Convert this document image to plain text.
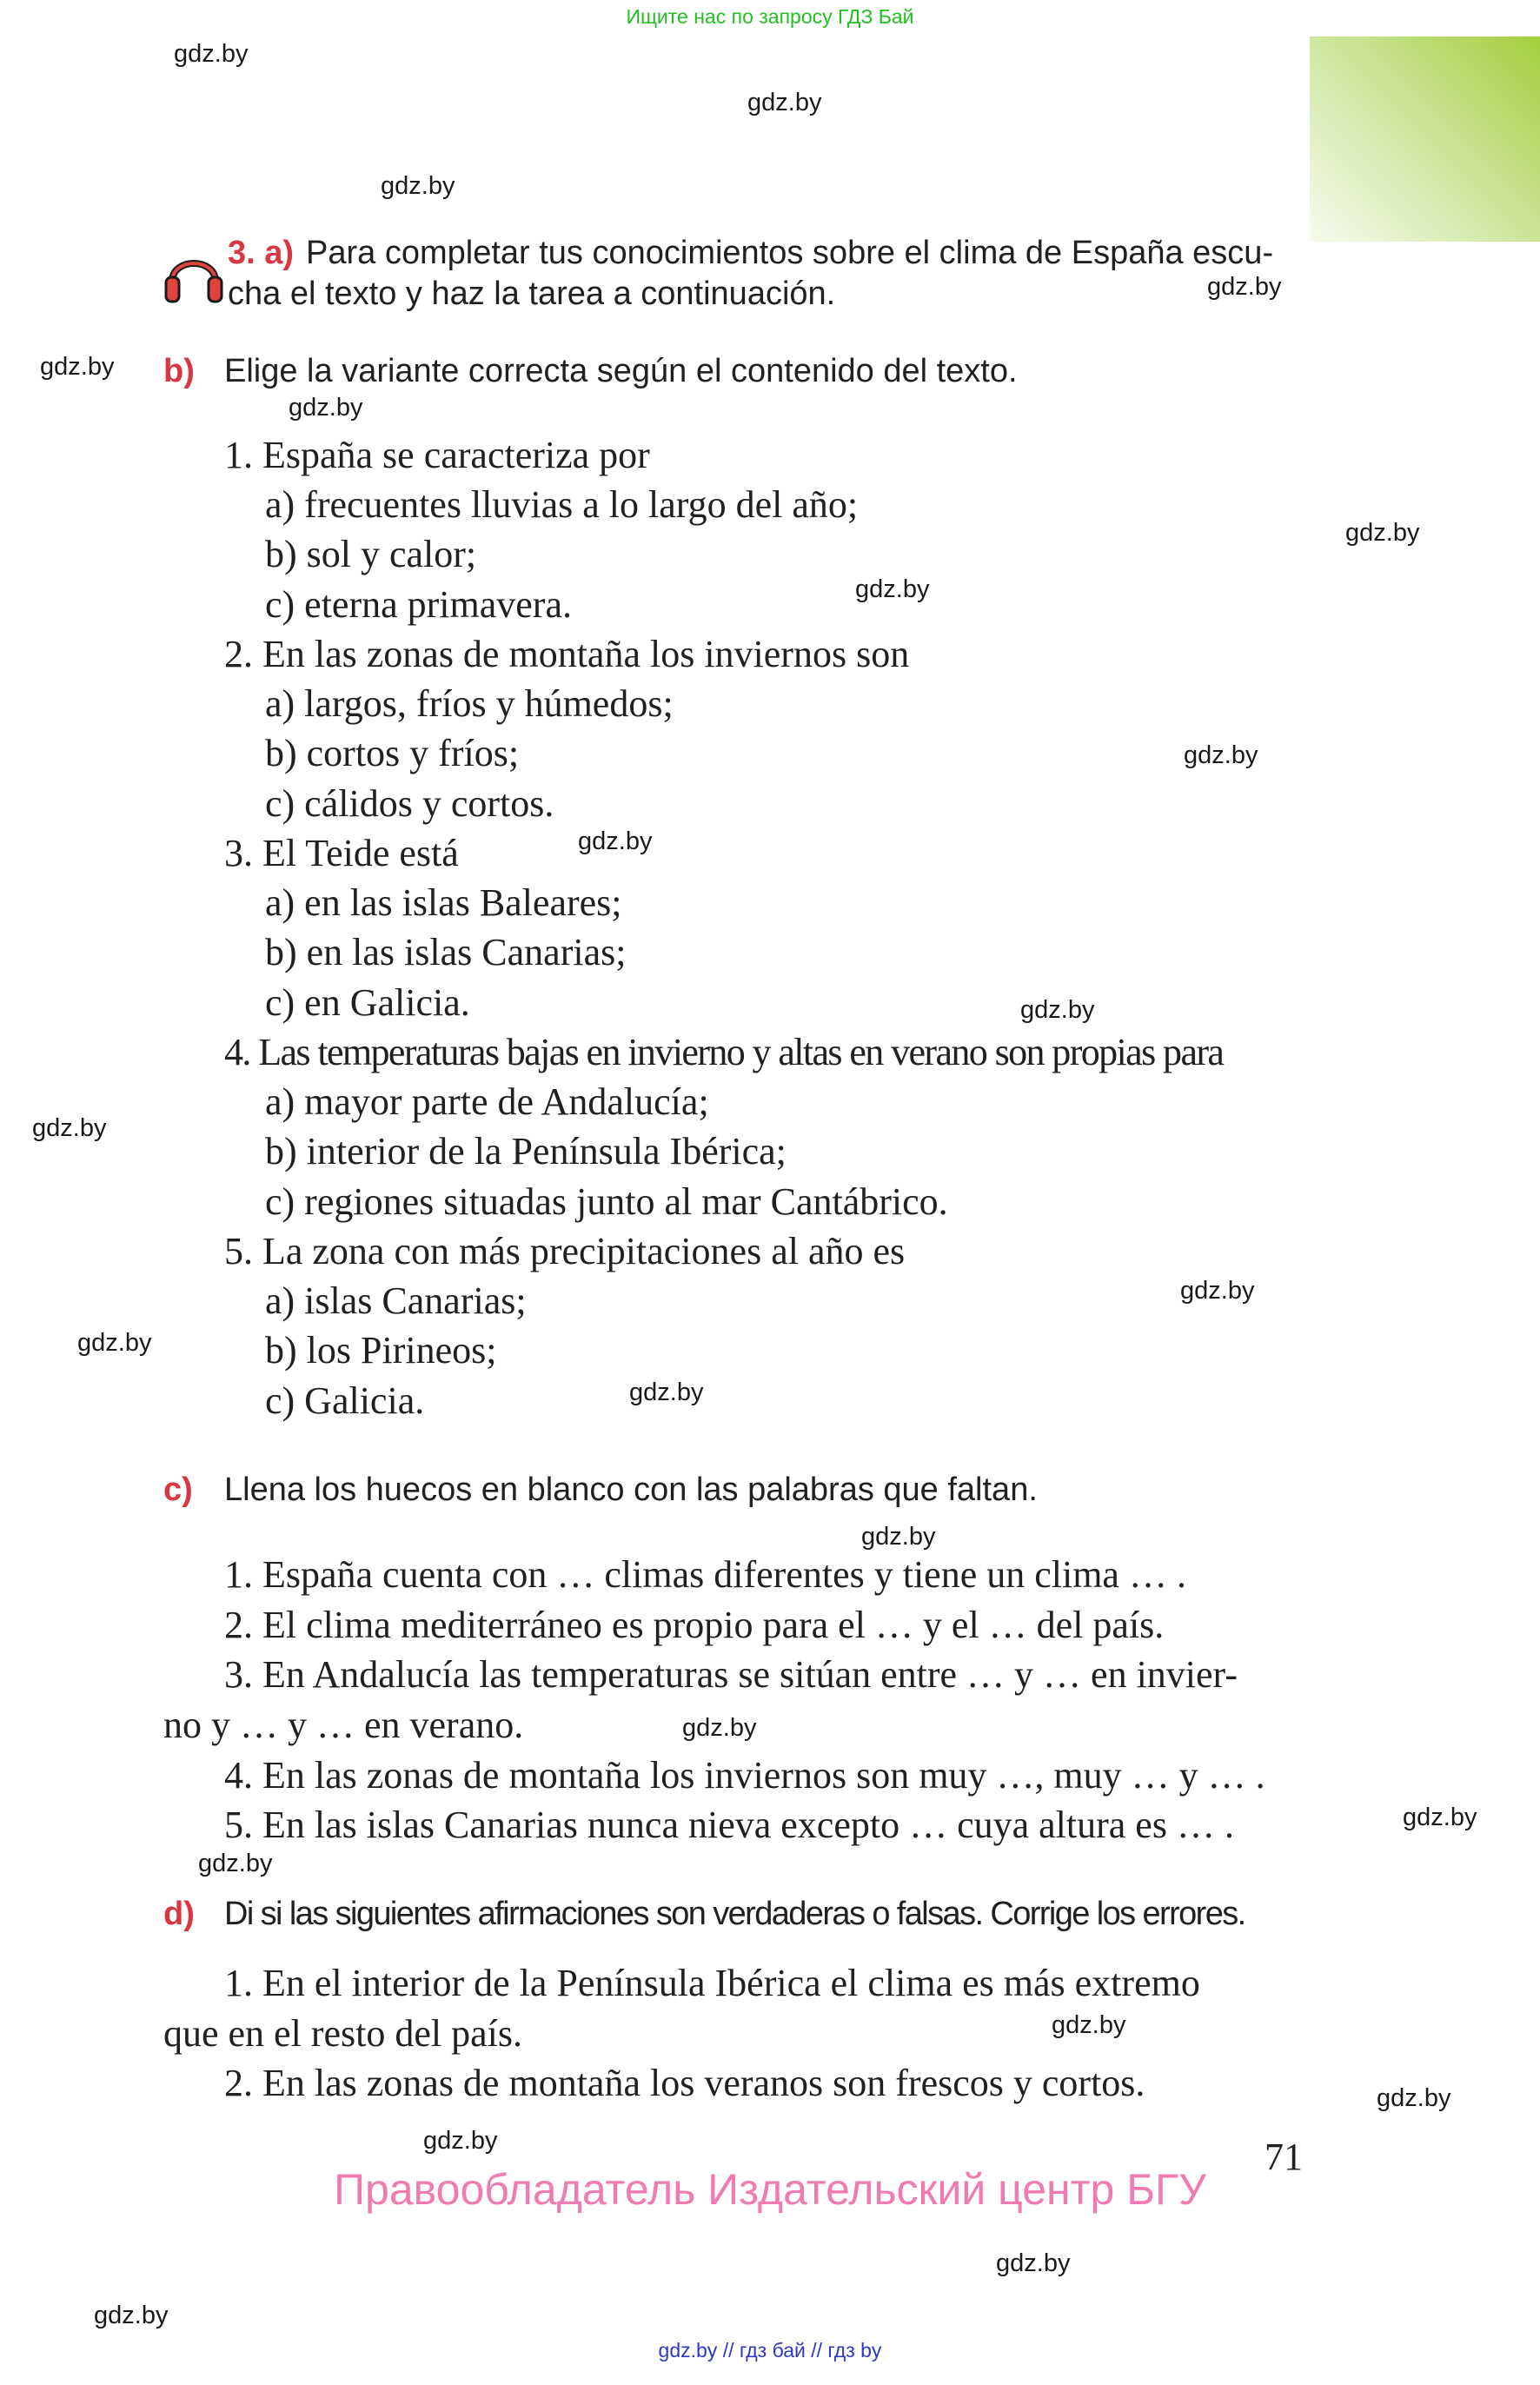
Ищите нас по запросу ГДЗ Бай
gdz.by
gdz.by
gdz.by
gdz.by
gdz.by
gdz.by
gdz.by
gdz.by
gdz.by
gdz.by
gdz.by
gdz.by
gdz.by
gdz.by
gdz.by
gdz.by
gdz.by
gdz.by
gdz.by
gdz.by
gdz.by
gdz.by
gdz.by
gdz.by
3. a) Para completar tus conocimientos sobre el clima de España escu-
cha el texto y haz la tarea a continuación.
b) Elige la variante correcta según el contenido del texto.
1. España se caracteriza por
a) frecuentes lluvias a lo largo del año;
b) sol y calor;
c) eterna primavera.
2. En las zonas de montaña los inviernos son
a) largos, fríos y húmedos;
b) cortos y fríos;
c) cálidos y cortos.
3. El Teide está
a) en las islas Baleares;
b) en las islas Canarias;
c) en Galicia.
4. Las temperaturas bajas en invierno y altas en verano son propias para
a) mayor parte de Andalucía;
b) interior de la Península Ibérica;
c) regiones situadas junto al mar Cantábrico.
5. La zona con más precipitaciones al año es
a) islas Canarias;
b) los Pirineos;
c) Galicia.
c) Llena los huecos en blanco con las palabras que faltan.
1. España cuenta con … climas diferentes y tiene un clima … .
2. El clima mediterráneo es propio para el … y el … del país.
3. En Andalucía las temperaturas se sitúan entre … y … en invier-
no y … y … en verano.
4. En las zonas de montaña los inviernos son muy …, muy … y … .
5. En las islas Canarias nunca nieva excepto … cuya altura es … .
d) Di si las siguientes afirmaciones son verdaderas o falsas. Corrige los errores.
1. En el interior de la Península Ibérica el clima es más extremo
que en el resto del país.
2. En las zonas de montaña los veranos son frescos y cortos.
71
Правообладатель Издательский центр БГУ
gdz.by // гдз бай // гдз by
